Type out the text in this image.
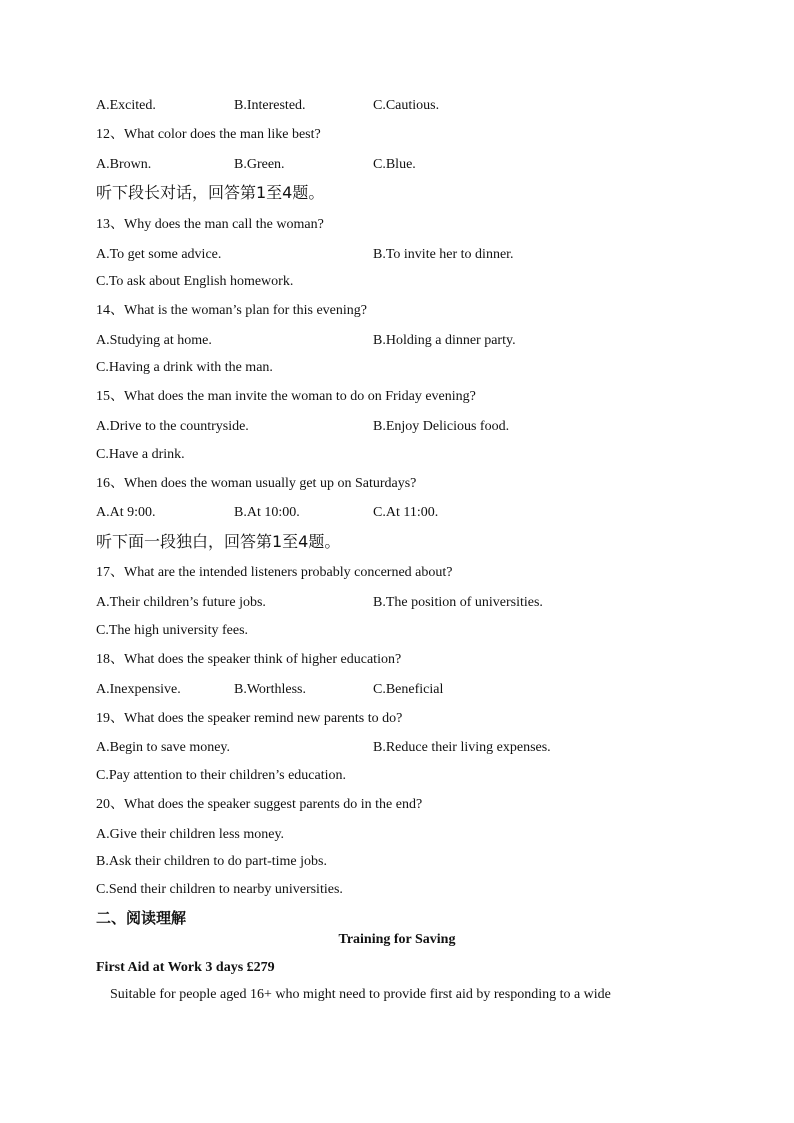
A.Excited.	B.Interested.	C.Cautious.
12、What color does the man like best?
A.Brown.	B.Green.	C.Blue.
听下段长对话，回答第1至4题。
13、Why does the man call the woman?
A.To get some advice.	B.To invite her to dinner.
C.To ask about English homework.
14、What is the woman’s plan for this evening?
A.Studying at home.	B.Holding a dinner party.
C.Having a drink with the man.
15、What does the man invite the woman to do on Friday evening?
A.Drive to the countryside.	B.Enjoy Delicious food.
C.Have a drink.
16、When does the woman usually get up on Saturdays?
A.At 9:00.	B.At 10:00.	C.At 11:00.
听下面一段独白，回答第1至4题。
17、What are the intended listeners probably concerned about?
A.Their children’s future jobs.	B.The position of universities.
C.The high university fees.
18、What does the speaker think of higher education?
A.Inexpensive.	B.Worthless.	C.Beneficial
19、What does the speaker remind new parents to do?
A.Begin to save money.	B.Reduce their living expenses.
C.Pay attention to their children’s education.
20、What does the speaker suggest parents do in the end?
A.Give their children less money.
B.Ask their children to do part-time jobs.
C.Send their children to nearby universities.
二、阅读理解
Training for Saving
First Aid at Work 3 days £279
Suitable for people aged 16+ who might need to provide first aid by responding to a wide
